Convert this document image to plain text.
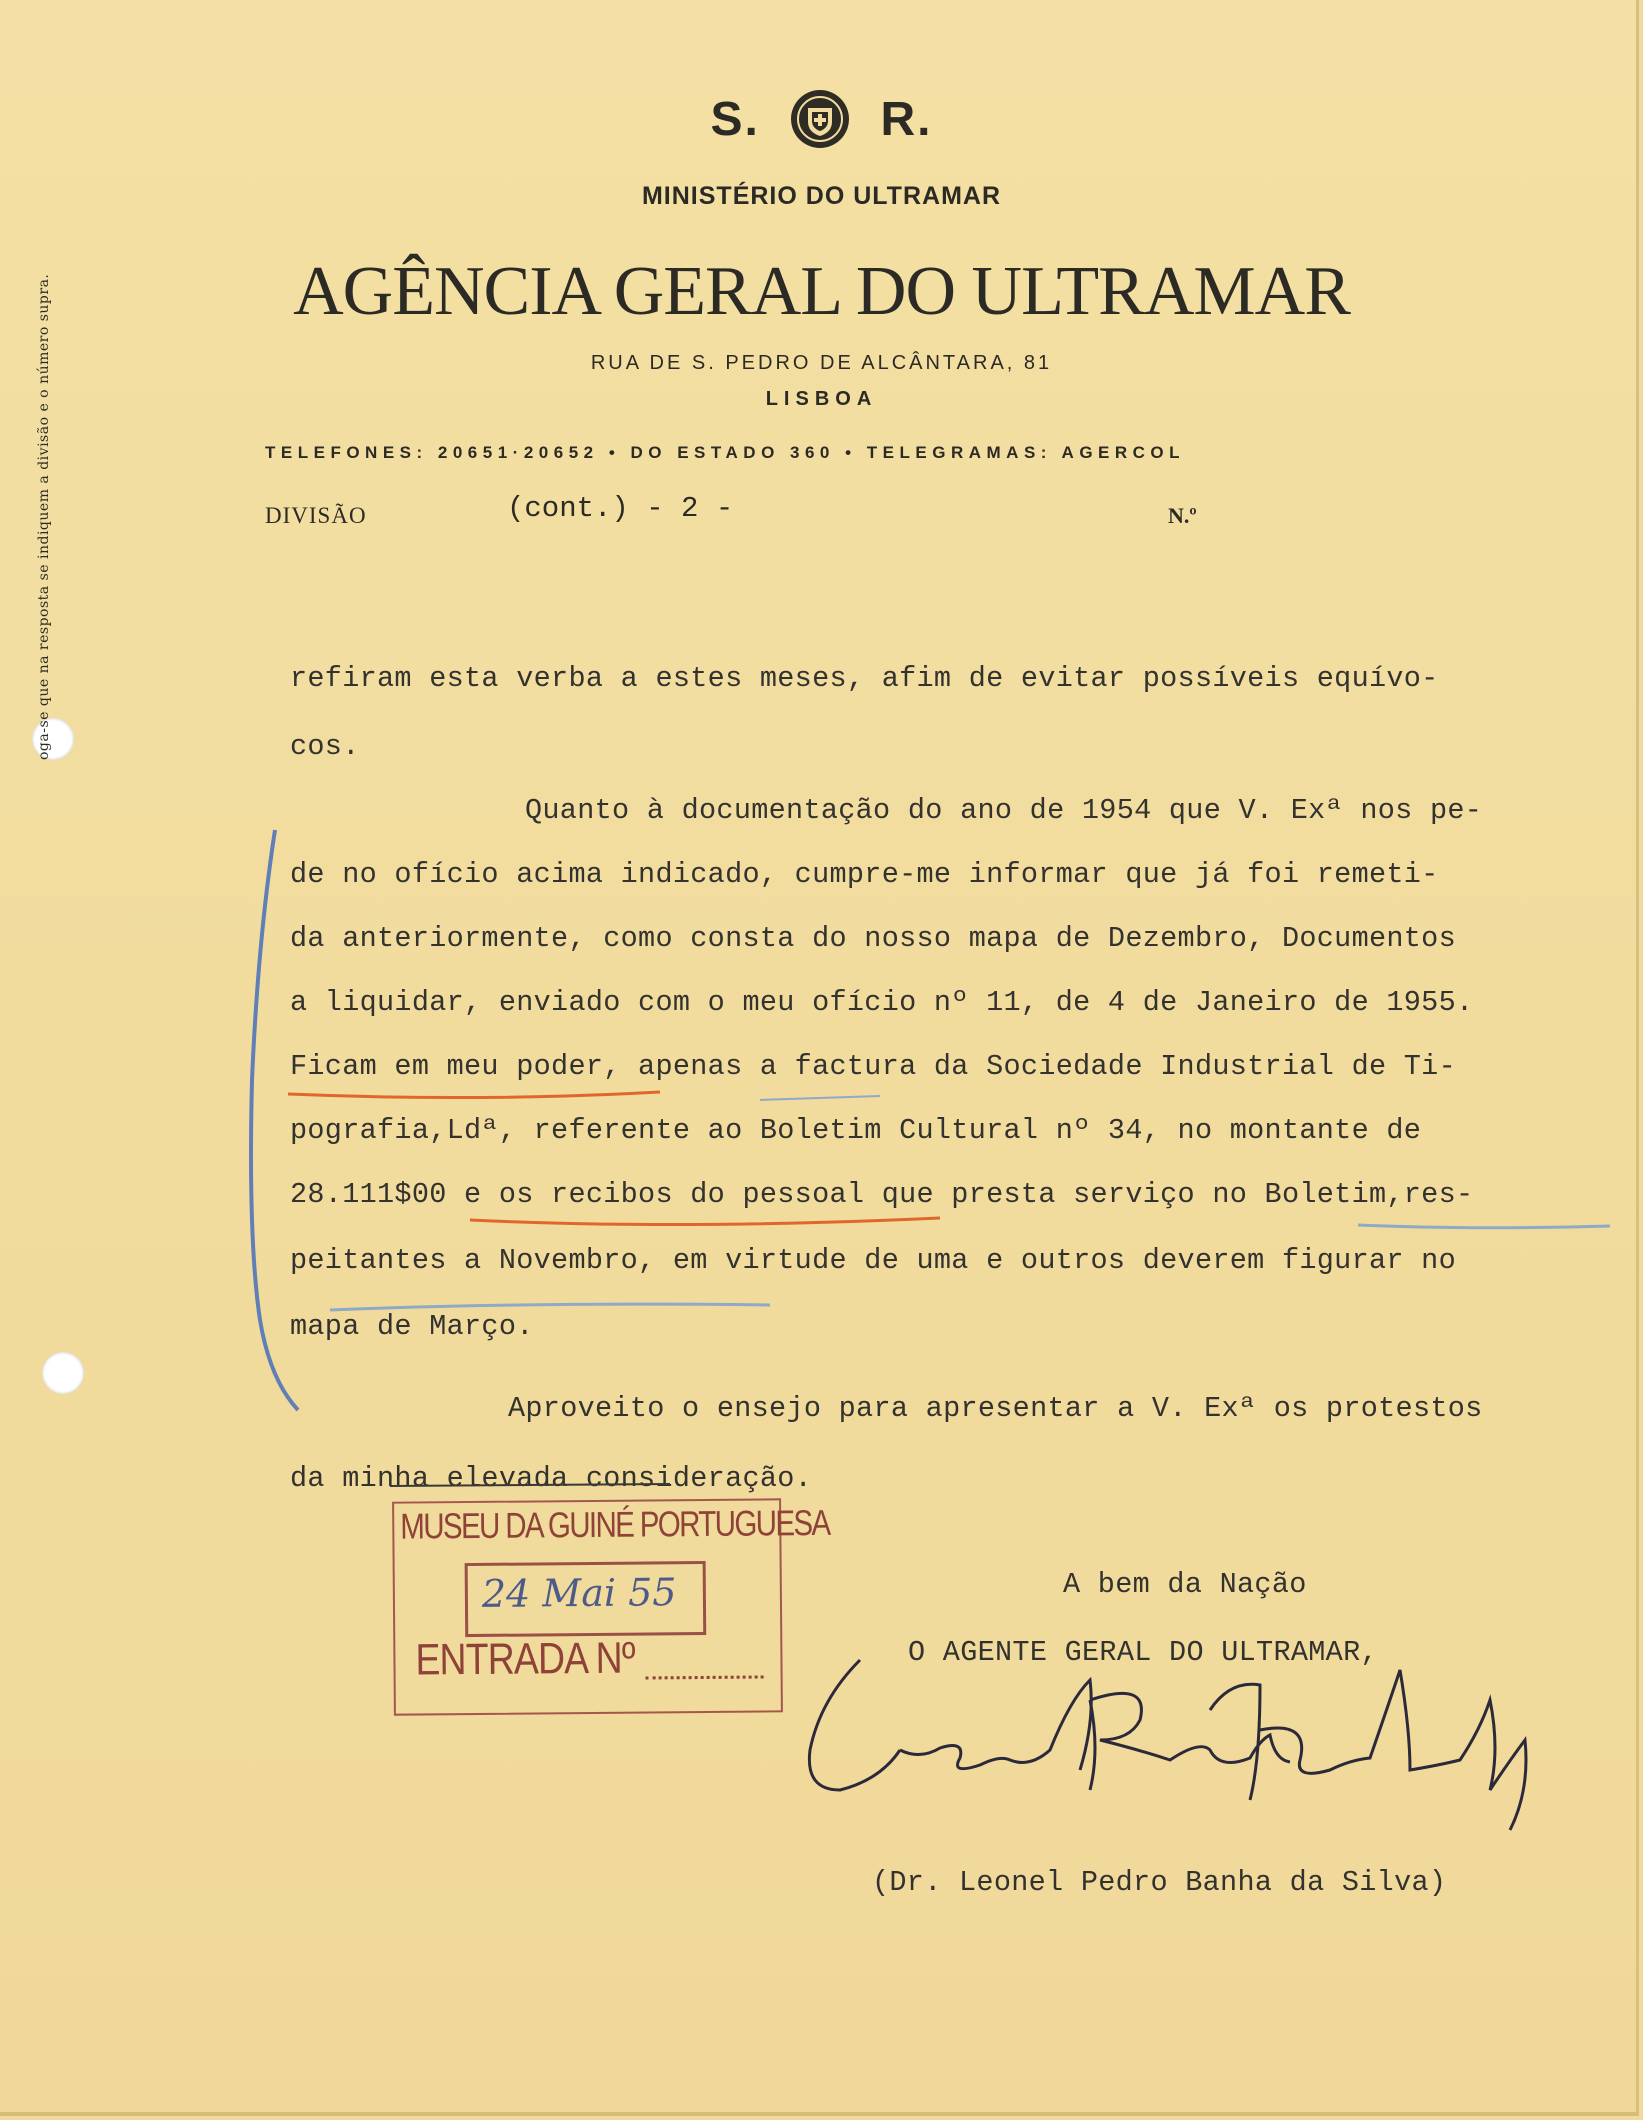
oga-se que na resposta se indiquem a divisão e o número supra.
S.	R.
MINISTÉRIO DO ULTRAMAR
AGÊNCIA GERAL DO ULTRAMAR
RUA DE S. PEDRO DE ALCÂNTARA, 81
LISBOA
TELEFONES: 20651·20652 • DO ESTADO 360 • TELEGRAMAS: AGERCOL
DIVISÃO	(cont.) - 2 -	N.º
refiram esta verba a estes meses, afim de evitar possíveis equívo-
cos.
Quanto à documentação do ano de 1954 que V. Exª nos pe-
de no ofício acima indicado, cumpre-me informar que já foi remeti-
da anteriormente, como consta do nosso mapa de Dezembro, Documentos
a liquidar, enviado com o meu ofício nº 11, de 4 de Janeiro de 1955.
Ficam em meu poder, apenas a factura da Sociedade Industrial de Ti-
pografia,Ldª, referente ao Boletim Cultural nº 34, no montante de
28.111$00 e os recibos do pessoal que presta serviço no Boletim,res-
peitantes a Novembro, em virtude de uma e outros deverem figurar no
mapa de Março.
Aproveito o ensejo para apresentar a V. Exª os protestos
da minha elevada consideração.
MUSEU DA GUINÉ PORTUGUESA
24 Mai 55
ENTRADA Nº
A bem da Nação
O AGENTE GERAL DO ULTRAMAR,
(Dr. Leonel Pedro Banha da Silva)
